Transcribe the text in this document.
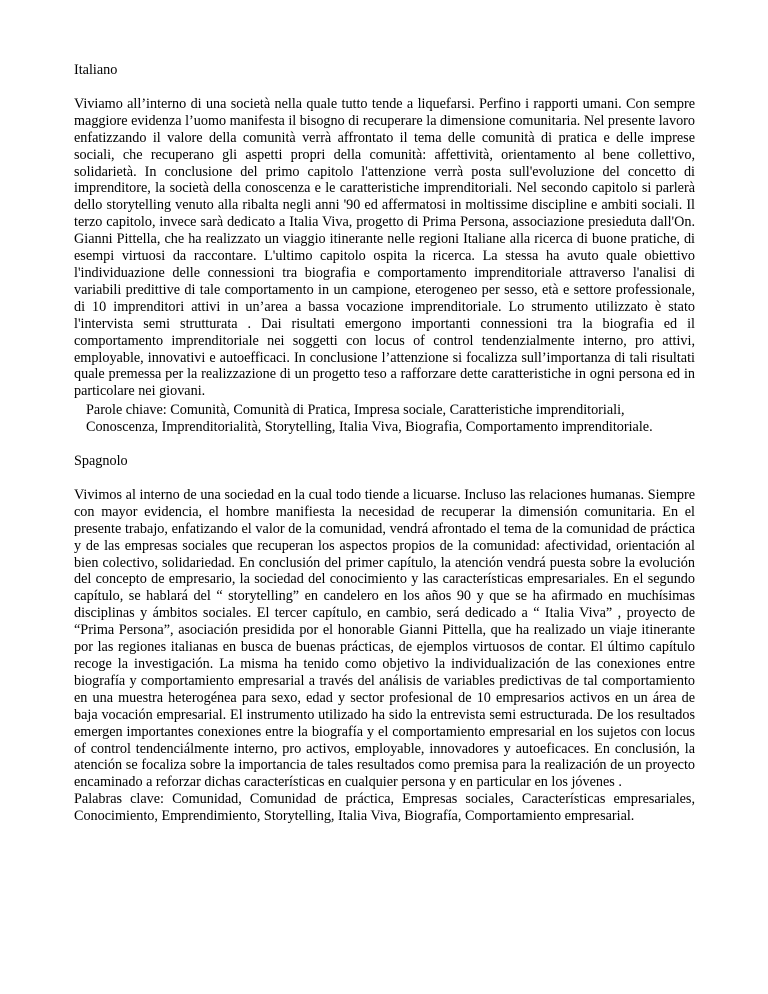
Italiano

Viviamo all’interno di una società nella quale tutto tende a liquefarsi. Perfino i rapporti umani. Con sempre maggiore evidenza l’uomo manifesta il bisogno di recuperare la dimensione comunitaria. Nel presente lavoro enfatizzando il valore della comunità verrà affrontato il tema delle comunità di pratica e delle imprese sociali, che recuperano gli aspetti propri della comunità: affettività, orientamento al bene collettivo, solidarietà. In conclusione del primo capitolo l'attenzione verrà posta sull'evoluzione del concetto di imprenditore, la società della conoscenza e le caratteristiche imprenditoriali. Nel secondo capitolo si parlerà dello storytelling venuto alla ribalta negli anni '90 ed affermatosi in moltissime discipline e ambiti sociali. Il terzo capitolo, invece sarà dedicato a Italia Viva, progetto di Prima Persona, associazione presieduta dall'On. Gianni Pittella, che ha realizzato un viaggio itinerante nelle regioni Italiane alla ricerca di buone pratiche, di esempi virtuosi da raccontare. L'ultimo capitolo ospita la ricerca. La stessa ha avuto quale obiettivo l'individuazione delle connessioni tra biografia e comportamento imprenditoriale attraverso l'analisi di variabili predittive di tale comportamento in un campione, eterogeneo per sesso, età e settore professionale, di 10 imprenditori attivi in un’area a bassa vocazione imprenditoriale. Lo strumento utilizzato è stato l'intervista semi strutturata . Dai risultati emergono importanti connessioni tra la biografia ed il comportamento imprenditoriale nei soggetti con locus of control tendenzialmente interno, pro attivi, employable, innovativi e autoefficaci. In conclusione l’attenzione si focalizza sull’importanza di tali risultati quale premessa per la realizzazione di un progetto teso a rafforzare dette caratteristiche in ogni persona ed in particolare nei giovani.

Parole chiave: Comunità, Comunità di Pratica, Impresa sociale, Caratteristiche imprenditoriali, Conoscenza, Imprenditorialità, Storytelling, Italia Viva, Biografia, Comportamento imprenditoriale.

Spagnolo

Vivimos al interno de una sociedad en la cual todo tiende a licuarse. Incluso las relaciones humanas. Siempre con mayor evidencia, el hombre manifiesta la necesidad de recuperar la dimensión comunitaria. En el presente trabajo, enfatizando el valor de la comunidad, vendrá afrontado el tema de la comunidad de práctica y de las empresas sociales que recuperan los aspectos propios de la comunidad: afectividad, orientación al bien colectivo, solidariedad. En conclusión del primer capítulo, la atención vendrá puesta sobre la evolución del concepto de empresario, la sociedad del conocimiento y las características empresariales. En el segundo capítulo, se hablará del “ storytelling” en candelero en los años 90 y que se ha afirmado en muchísimas disciplinas y ámbitos sociales. El tercer capítulo, en cambio, será dedicado a “ Italia Viva” , proyecto de “Prima Persona”, asociación presidida por el honorable Gianni Pittella, que ha realizado un viaje itinerante por las regiones italianas en busca de buenas prácticas, de ejemplos virtuosos de contar. El último capítulo recoge la investigación. La misma ha tenido como objetivo la individualización de las conexiones entre biografía y comportamiento empresarial a través del análisis de variables predictivas de tal comportamiento en una muestra heterogénea para sexo, edad y sector profesional de 10 empresarios activos en un área de baja vocación empresarial. El instrumento utilizado ha sido la entrevista semi estructurada. De los resultados emergen importantes conexiones entre la biografía y el comportamiento empresarial en los sujetos con locus of control tendenciálmente interno, pro activos, employable, innovadores y autoeficaces. En conclusión, la atención se focaliza sobre la importancia de tales resultados como premisa para la realización de un proyecto encaminado a reforzar dichas características en cualquier persona y en particular en los jóvenes .

Palabras clave: Comunidad, Comunidad de práctica, Empresas sociales, Características empresariales, Conocimiento, Emprendimiento, Storytelling, Italia Viva, Biografía, Comportamiento empresarial.
